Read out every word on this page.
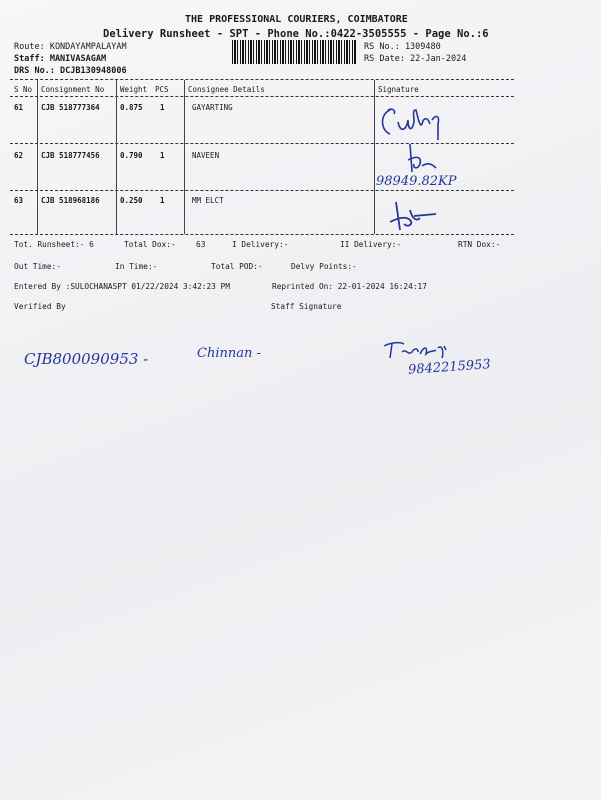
THE PROFESSIONAL COURIERS, COIMBATORE
Delivery Runsheet - SPT - Phone No.:0422-3505555 - Page No.:6
Route: KONDAYAMPALAYAM
Staff: MANIVASAGAM
DRS No.: DCJB130948006
RS No.: 1309480
RS Date: 22-Jan-2024
S No Consignment No Weight PCS	Consignee Details	Signature
61 CJB 518777364	0.875 1	GAYARTING
62 CJB 518777456	0.790 1	NAVEEN
98949.82KP
63 CJB 518968186	0.250 1	MM ELCT
Tot. Runsheet:- 6	Total Dox:-	63	I Delivery:-	II Delivery:-	RTN Dox:-
Out Time:-	In Time:-	Total POD:-	Delvy Points:-
Entered By :SULOCHANASPT 01/22/2024 3:42:23 PM	Reprinted On: 22-01-2024 16:24:17
Verified By	Staff Signature
CJB800090953 -	Chinnan -
9842215953
